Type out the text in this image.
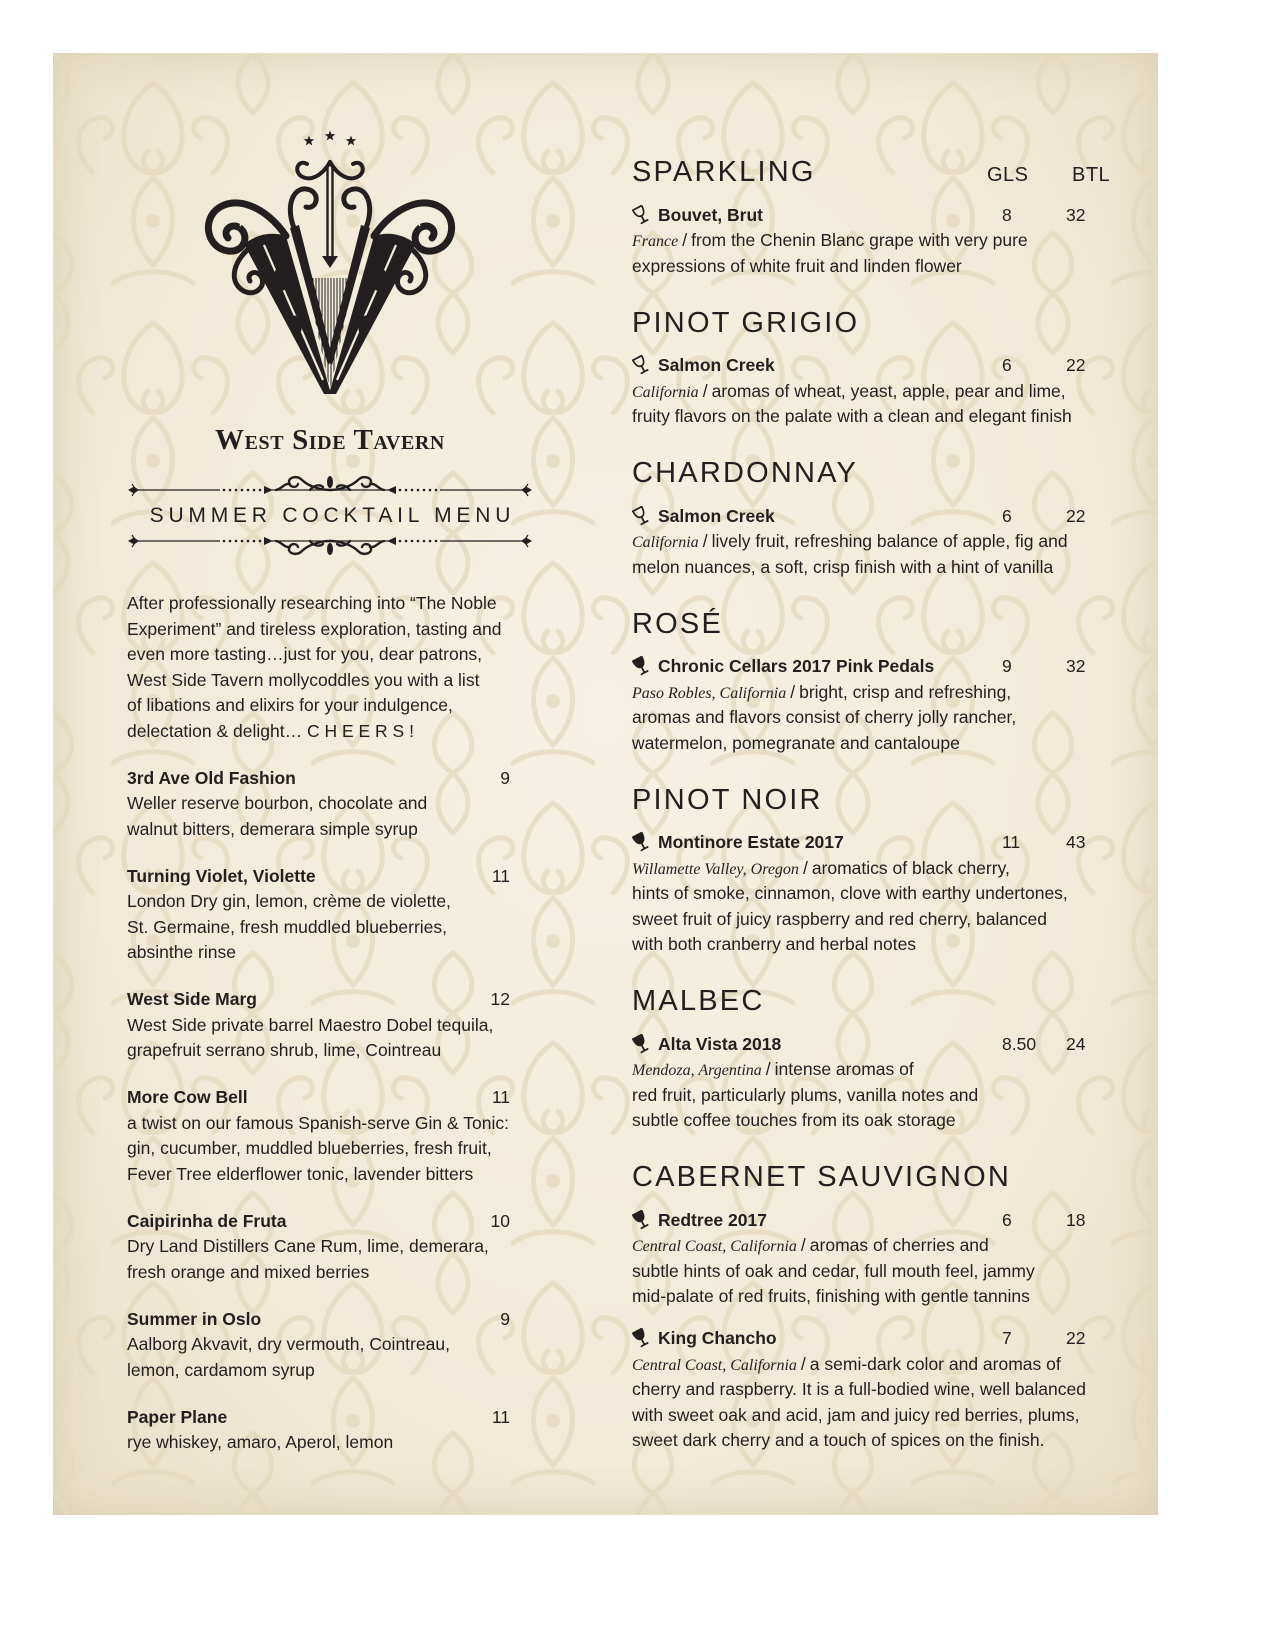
West Side Tavern
SUMMER COCKTAIL MENU
After professionally researching into “The Noble
Experiment” and tireless exploration, tasting and
even more tasting…just for you, dear patrons,
West Side Tavern mollycoddles you with a list
of libations and elixirs for your indulgence,
delectation & delight… C H E E R S !
3rd Ave Old Fashion	9
Weller reserve bourbon, chocolate and
walnut bitters, demerara simple syrup
Turning Violet, Violette	11
London Dry gin, lemon, crème de violette,
St. Germaine, fresh muddled blueberries,
absinthe rinse
West Side Marg	12
West Side private barrel Maestro Dobel tequila,
grapefruit serrano shrub, lime, Cointreau
More Cow Bell	11
a twist on our famous Spanish-serve Gin & Tonic:
gin, cucumber, muddled blueberries, fresh fruit,
Fever Tree elderflower tonic, lavender bitters
Caipirinha de Fruta	10
Dry Land Distillers Cane Rum, lime, demerara,
fresh orange and mixed berries
Summer in Oslo	9
Aalborg Akvavit, dry vermouth, Cointreau,
lemon, cardamom syrup
Paper Plane	11
rye whiskey, amaro, Aperol, lemon
GLS BTL
SPARKLING
Bouvet, Brut	8	32
France / from the Chenin Blanc grape with very pure
expressions of white fruit and linden flower
PINOT GRIGIO
Salmon Creek	6	22
California / aromas of wheat, yeast, apple, pear and lime,
fruity flavors on the palate with a clean and elegant finish
CHARDONNAY
Salmon Creek	6	22
California / lively fruit, refreshing balance of apple, fig and
melon nuances, a soft, crisp finish with a hint of vanilla
ROSÉ
Chronic Cellars 2017 Pink Pedals	9	32
Paso Robles, California / bright, crisp and refreshing,
aromas and flavors consist of cherry jolly rancher,
watermelon, pomegranate and cantaloupe
PINOT NOIR
Montinore Estate 2017	11	43
Willamette Valley, Oregon / aromatics of black cherry,
hints of smoke, cinnamon, clove with earthy undertones,
sweet fruit of juicy raspberry and red cherry, balanced
with both cranberry and herbal notes
MALBEC
Alta Vista 2018	8.50 24
Mendoza, Argentina / intense aromas of
red fruit, particularly plums, vanilla notes and
subtle coffee touches from its oak storage
CABERNET SAUVIGNON
Redtree 2017	6	18
Central Coast, California / aromas of cherries and
subtle hints of oak and cedar, full mouth feel, jammy
mid-palate of red fruits, finishing with gentle tannins
King Chancho	7	22
Central Coast, California / a semi-dark color and aromas of
cherry and raspberry. It is a full-bodied wine, well balanced
with sweet oak and acid, jam and juicy red berries, plums,
sweet dark cherry and a touch of spices on the finish.
